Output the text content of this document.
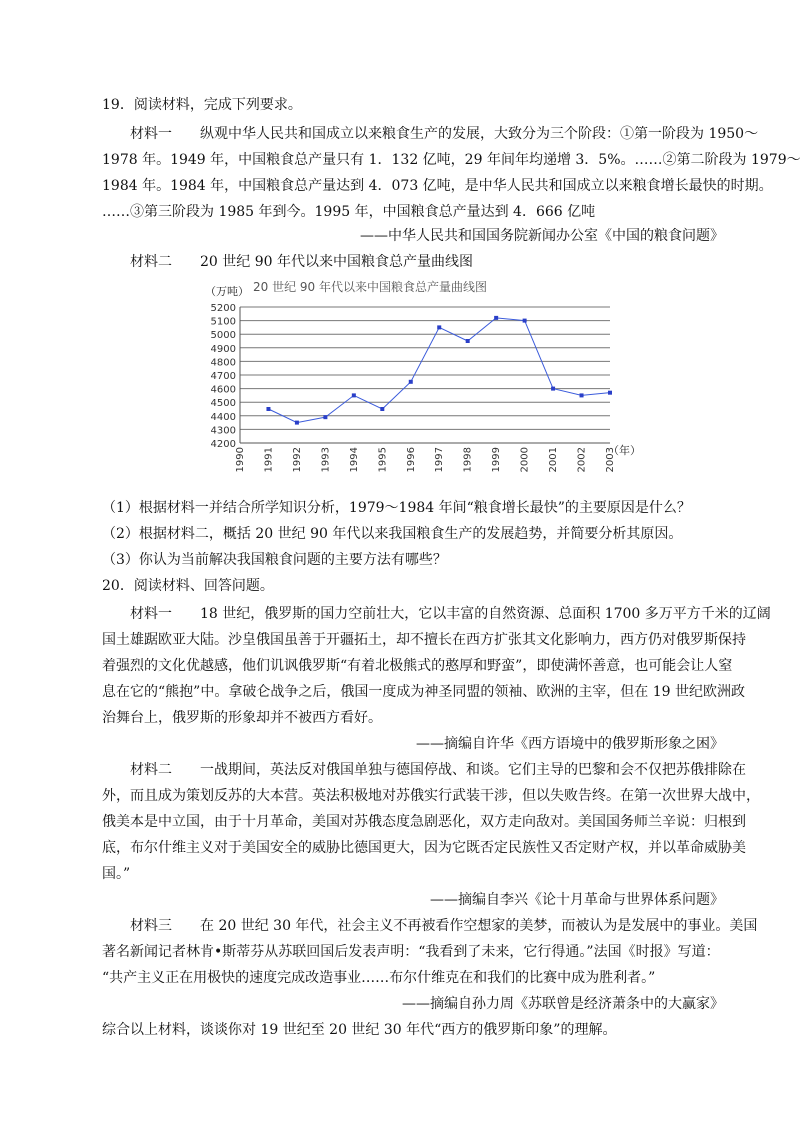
19．阅读材料，完成下列要求。
材料一　　纵观中华人民共和国成立以来粮食生产的发展，大致分为三个阶段：①第一阶段为 1950～
1978 年。1949 年，中国粮食总产量只有 1．132 亿吨，29 年间年均递增 3．5%。……②第二阶段为 1979～
1984 年。1984 年，中国粮食总产量达到 4．073 亿吨，是中华人民共和国成立以来粮食增长最快的时期。
……③第三阶段为 1985 年到今。1995 年，中国粮食总产量达到 4．666 亿吨
——中华人民共和国国务院新闻办公室《中国的粮食问题》
材料二　　20 世纪 90 年代以来中国粮食总产量曲线图
20 世纪 90 年代以来中国粮食总产量曲线图
（万吨）
（年）
5200
5100
5000
4900
4800
4700
4600
4500
4400
4300
4200
1990 1991 1992 1993 1994 1995 1996 1997 1998 1999 2000 2001 2002 2003
（1）根据材料一并结合所学知识分析，1979～1984 年间“粮食增长最快”的主要原因是什么？
（2）根据材料二，概括 20 世纪 90 年代以来我国粮食生产的发展趋势，并简要分析其原因。
（3）你认为当前解决我国粮食问题的主要方法有哪些？
20．阅读材料、回答问题。
材料一　　18 世纪，俄罗斯的国力空前壮大，它以丰富的自然资源、总面积 1700 多万平方千米的辽阔
国土雄踞欧亚大陆。沙皇俄国虽善于开疆拓土，却不擅长在西方扩张其文化影响力，西方仍对俄罗斯保持
着强烈的文化优越感，他们讥讽俄罗斯“有着北极熊式的憨厚和野蛮”，即使满怀善意，也可能会让人窒
息在它的“熊抱”中。拿破仑战争之后，俄国一度成为神圣同盟的领袖、欧洲的主宰，但在 19 世纪欧洲政
治舞台上，俄罗斯的形象却并不被西方看好。
——摘编自许华《西方语境中的俄罗斯形象之困》
材料二　　一战期间，英法反对俄国单独与德国停战、和谈。它们主导的巴黎和会不仅把苏俄排除在
外，而且成为策划反苏的大本营。英法积极地对苏俄实行武装干涉，但以失败告终。在第一次世界大战中，
俄美本是中立国，由于十月革命，美国对苏俄态度急剧恶化，双方走向敌对。美国国务师兰辛说：归根到
底，布尔什维主义对于美国安全的威胁比德国更大，因为它既否定民族性又否定财产权，并以革命威胁美
国。”
——摘编自李兴《论十月革命与世界体系问题》
材料三　　在 20 世纪 30 年代，社会主义不再被看作空想家的美梦，而被认为是发展中的事业。美国
著名新闻记者林肯•斯蒂芬从苏联回国后发表声明：“我看到了未来，它行得通。”法国《时报》写道：
“共产主义正在用极快的速度完成改造事业……布尔什维克在和我们的比赛中成为胜利者。”
——摘编自孙力周《苏联曾是经济萧条中的大赢家》
综合以上材料，谈谈你对 19 世纪至 20 世纪 30 年代“西方的俄罗斯印象”的理解。
